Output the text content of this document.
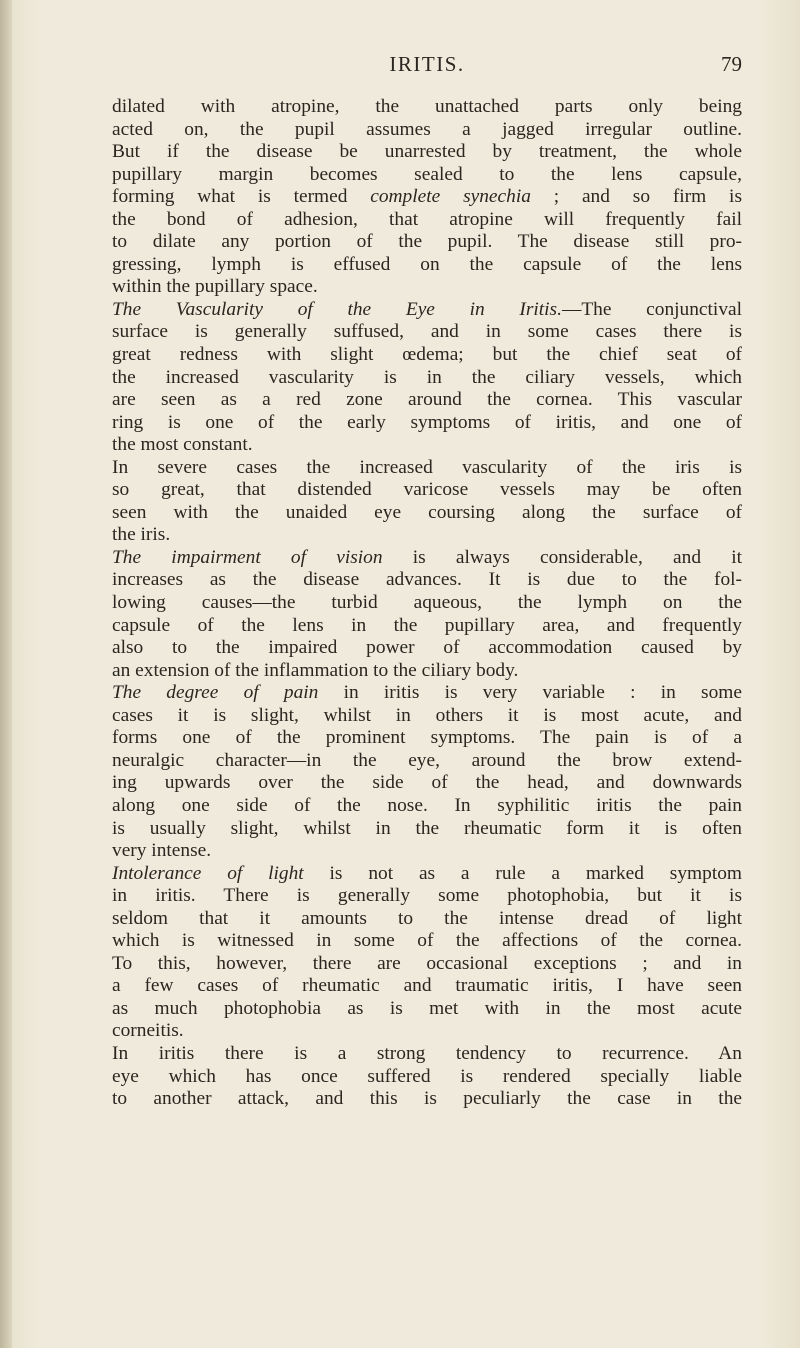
IRITIS.	79

dilated with atropine, the unattached parts only being
acted on, the pupil assumes a jagged irregular outline.
But if the disease be unarrested by treatment, the whole
pupillary margin becomes sealed to the lens capsule,
forming what is termed complete synechia ; and so firm is
the bond of adhesion, that atropine will frequently fail
to dilate any portion of the pupil. The disease still pro-
gressing, lymph is effused on the capsule of the lens
within the pupillary space.

The Vascularity of the Eye in Iritis.—The conjunctival
surface is generally suffused, and in some cases there is
great redness with slight œdema; but the chief seat of
the increased vascularity is in the ciliary vessels, which
are seen as a red zone around the cornea. This vascular
ring is one of the early symptoms of iritis, and one of
the most constant.

In severe cases the increased vascularity of the iris is
so great, that distended varicose vessels may be often
seen with the unaided eye coursing along the surface of
the iris.

The impairment of vision is always considerable, and it
increases as the disease advances. It is due to the fol-
lowing causes—the turbid aqueous, the lymph on the
capsule of the lens in the pupillary area, and frequently
also to the impaired power of accommodation caused by
an extension of the inflammation to the ciliary body.

The degree of pain in iritis is very variable : in some
cases it is slight, whilst in others it is most acute, and
forms one of the prominent symptoms. The pain is of a
neuralgic character—in the eye, around the brow extend-
ing upwards over the side of the head, and downwards
along one side of the nose. In syphilitic iritis the pain
is usually slight, whilst in the rheumatic form it is often
very intense.

Intolerance of light is not as a rule a marked symptom
in iritis. There is generally some photophobia, but it is
seldom that it amounts to the intense dread of light
which is witnessed in some of the affections of the cornea.
To this, however, there are occasional exceptions ; and in
a few cases of rheumatic and traumatic iritis, I have seen
as much photophobia as is met with in the most acute
corneitis.

In iritis there is a strong tendency to recurrence. An
eye which has once suffered is rendered specially liable
to another attack, and this is peculiarly the case in the
